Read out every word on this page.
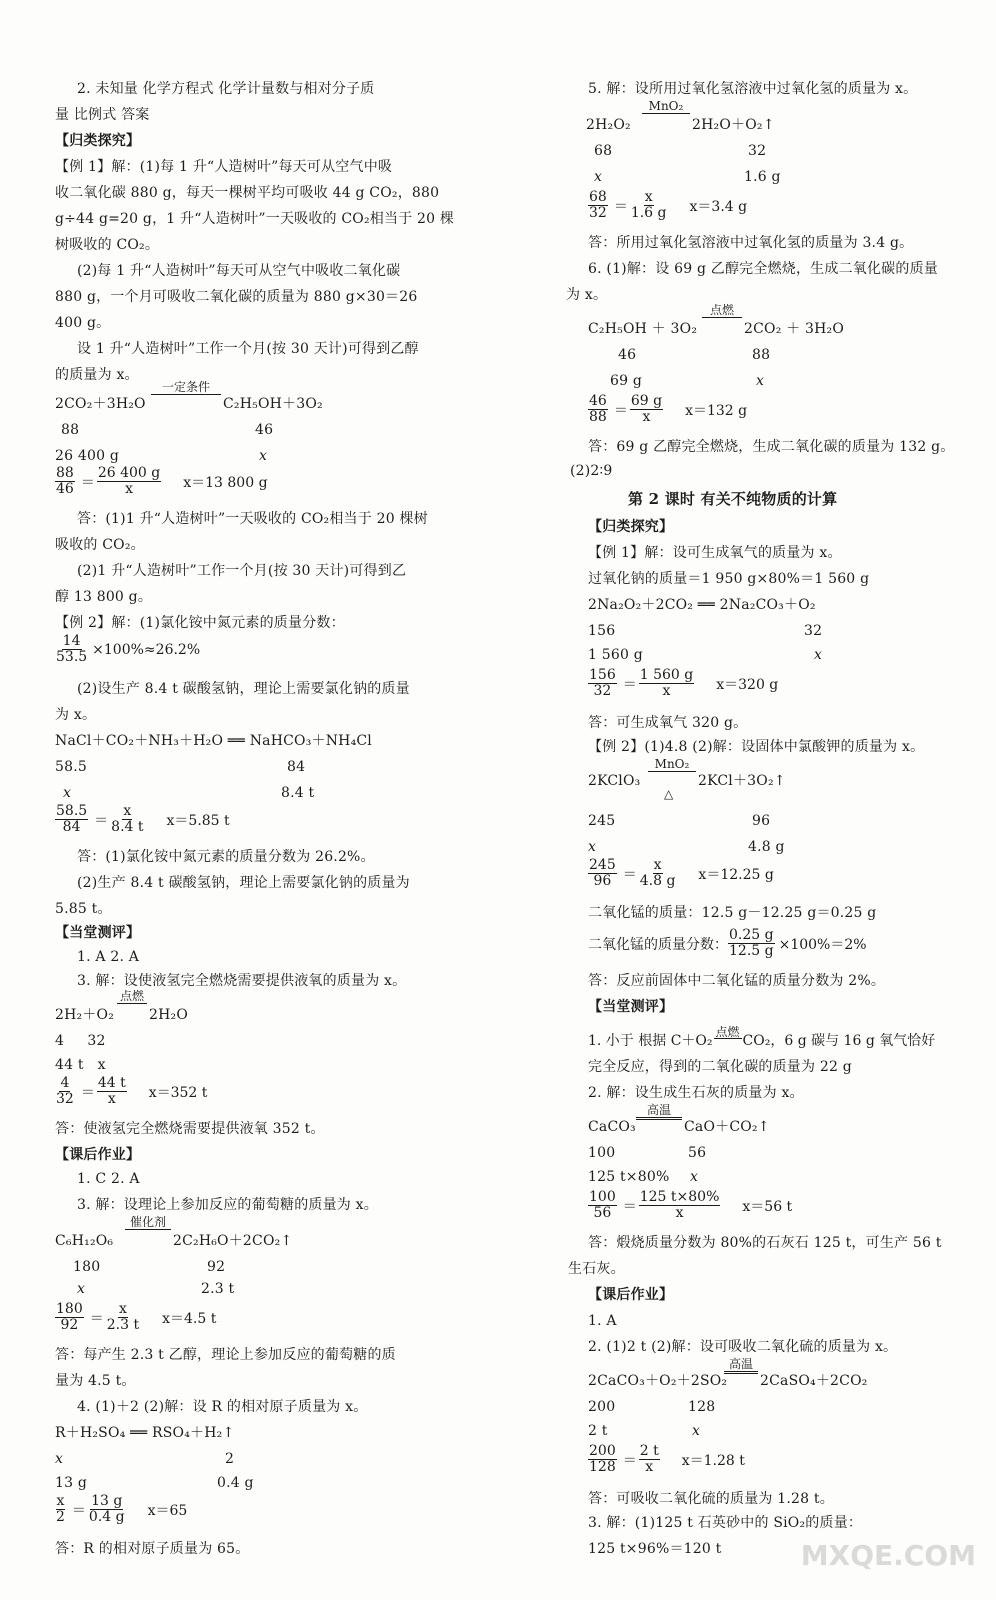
2. 未知量 化学方程式 化学计量数与相对分子质
量 比例式 答案
【归类探究】
【例 1】解：(1)每 1 升“人造树叶”每天可从空气中吸
收二氧化碳 880 g，每天一棵树平均可吸收 44 g CO₂，880
g÷44 g=20 g，1 升“人造树叶”一天吸收的 CO₂相当于 20 棵
树吸收的 CO₂。
(2)每 1 升“人造树叶”每天可从空气中吸收二氧化碳
880 g，一个月可吸收二氧化碳的质量为 880 g×30＝26
400 g。
设 1 升“人造树叶”工作一个月(按 30 天计)可得到乙醇
的质量为 x。
2CO₂＋3H₂O
一定条件
C₂H₅OH＋3O₂
88	46
26 400 g	x
$\frac{88}{46} = \frac{26 400 g}{x} x=13$ 800 g
答：(1)1 升“人造树叶”一天吸收的 CO₂相当于 20 棵树
吸收的 CO₂。
(2)1 升“人造树叶”工作一个月(按 30 天计)可得到乙
醇 13 800 g。
【例 2】解：(1)氯化铵中氮元素的质量分数：
$\frac{14}{53.5} \times 100\%\approx 26.2\%$
(2)设生产 8.4 t 碳酸氢钠，理论上需要氯化钠的质量
为 x。
NaCl＋CO₂＋NH₃＋H₂O ══ NaHCO₃＋NH₄Cl
58.5	84
x	8.4 t
$\frac{58.5}{84} = \frac{x}{8.4 t} x=5.85$ t
答：(1)氯化铵中氮元素的质量分数为 26.2%。
(2)生产 8.4 t 碳酸氢钠，理论上需要氯化钠的质量为
5.85 t。
【当堂测评】
1. A 2. A
3. 解：设使液氢完全燃烧需要提供液氧的质量为 x。
2H₂＋O₂
点燃
2H₂O
4     32
44 t   x
$\frac{4}{32} = \frac{44 t}{x} x=352$ t
答：使液氢完全燃烧需要提供液氧 352 t。
【课后作业】
1. C 2. A
3. 解：设理论上参加反应的葡萄糖的质量为 x。
C₆H₁₂O₆
催化剂
2C₂H₆O＋2CO₂↑
180	92
x	2.3 t
$\frac{180}{92} = \frac{x}{2.3 t} x=4.5$ t
答：每产生 2.3 t 乙醇，理论上参加反应的葡萄糖的质
量为 4.5 t。
4. (1)＋2 (2)解：设 R 的相对原子质量为 x。
R＋H₂SO₄ ══ RSO₄＋H₂↑
x	2
13 g	0.4 g
$\frac{x}{2} = \frac{13 g}{0.4 g} x=65$
答：R 的相对原子质量为 65。
5. 解：设所用过氧化氢溶液中过氧化氢的质量为 x。
2H₂O₂
MnO₂
2H₂O＋O₂↑
68	32
x	1.6 g
$\frac{68}{32} = \frac{x}{1.6 g} x=3.4$ g
答：所用过氧化氢溶液中过氧化氢的质量为 3.4 g。
6. (1)解：设 69 g 乙醇完全燃烧，生成二氧化碳的质量
为 x。
C₂H₅OH ＋ 3O₂
点燃
2CO₂ ＋ 3H₂O
46	88
69 g	x
$\frac{46}{88} = \frac{69 g}{x} x=132$ g
答：69 g 乙醇完全燃烧，生成二氧化碳的质量为 132 g。
(2)2∶9
第 2 课时 有关不纯物质的计算
【归类探究】
【例 1】解：设可生成氧气的质量为 x。
过氧化钠的质量＝1 950 g×80%＝1 560 g
2Na₂O₂＋2CO₂ ══ 2Na₂CO₃＋O₂
156	32
1 560 g	x
$\frac{156}{32} = \frac{1 560 g}{x} x=320$ g
答：可生成氧气 320 g。
【例 2】(1)4.8 (2)解：设固体中氯酸钾的质量为 x。
2KClO₃
MnO₂
△
2KCl＋3O₂↑
245	96
x	4.8 g
$\frac{245}{96} = \frac{x}{4.8 g} x=12.25$ g
二氧化锰的质量：12.5 g－12.25 g＝0.25 g
二氧化锰的质量分数： $\frac{0.25 g}{12.5 g} \times 100\%=2\%$
答：反应前固体中二氧化锰的质量分数为 2%。
【当堂测评】
1. 小于 根据 C＋O₂
点燃
CO₂，6 g 碳与 16 g 氧气恰好
完全反应，得到的二氧化碳的质量为 22 g
2. 解：设生成生石灰的质量为 x。
CaCO₃
高温
CaO＋CO₂↑
100	56
125 t×80% x
$\frac{100}{56} = \frac{125 t\times 80\%}{x} x=56$ t
答：煅烧质量分数为 80%的石灰石 125 t，可生产 56 t
生石灰。
【课后作业】
1. A
2. (1)2 t (2)解：设可吸收二氧化硫的质量为 x。
2CaCO₃＋O₂＋2SO₂
高温
2CaSO₄＋2CO₂
200	128
2 t	x
$\frac{200}{128} = \frac{2 t}{x} x=1.28$ t
答：可吸收二氧化硫的质量为 1.28 t。
3. 解：(1)125 t 石英砂中的 SiO₂的质量：
125 t×96%＝120 t	MXQE.COM
